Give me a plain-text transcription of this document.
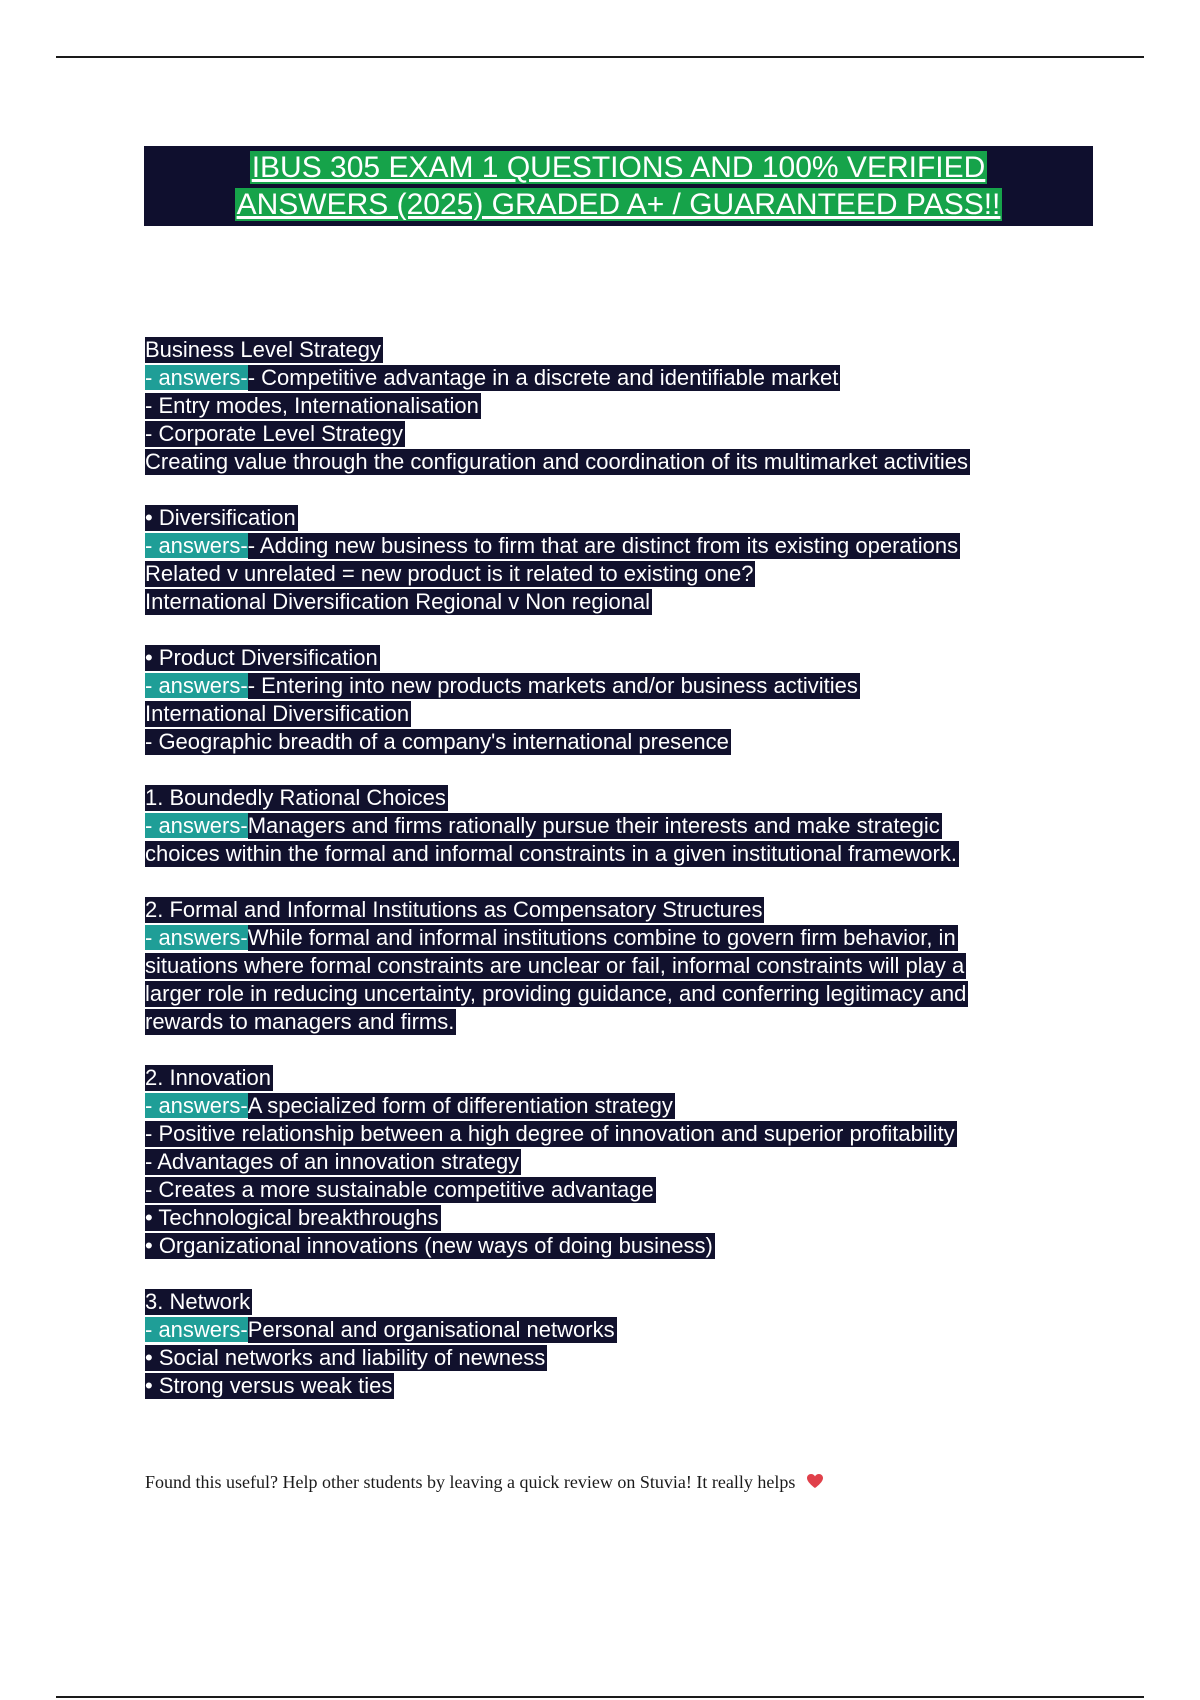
IBUS 305 EXAM 1 QUESTIONS AND 100% VERIFIED
ANSWERS (2025) GRADED A+ / GUARANTEED PASS!!
Business Level Strategy
- answers-- Competitive advantage in a discrete and identifiable market
- Entry modes, Internationalisation
- Corporate Level Strategy
Creating value through the configuration and coordination of its multimarket activities
• Diversification
- answers-- Adding new business to firm that are distinct from its existing operations
Related v unrelated = new product is it related to existing one?
International Diversification Regional v Non regional
• Product Diversification
- answers-- Entering into new products markets and/or business activities
International Diversification
- Geographic breadth of a company's international presence
1. Boundedly Rational Choices
- answers-Managers and firms rationally pursue their interests and make strategic
choices within the formal and informal constraints in a given institutional framework.
2. Formal and Informal Institutions as Compensatory Structures
- answers-While formal and informal institutions combine to govern firm behavior, in
situations where formal constraints are unclear or fail, informal constraints will play a
larger role in reducing uncertainty, providing guidance, and conferring legitimacy and
rewards to managers and firms.
2. Innovation
- answers-A specialized form of differentiation strategy
- Positive relationship between a high degree of innovation and superior profitability
- Advantages of an innovation strategy
- Creates a more sustainable competitive advantage
• Technological breakthroughs
• Organizational innovations (new ways of doing business)
3. Network
- answers-Personal and organisational networks
• Social networks and liability of newness
• Strong versus weak ties
Found this useful? Help other students by leaving a quick review on Stuvia! It really helps
